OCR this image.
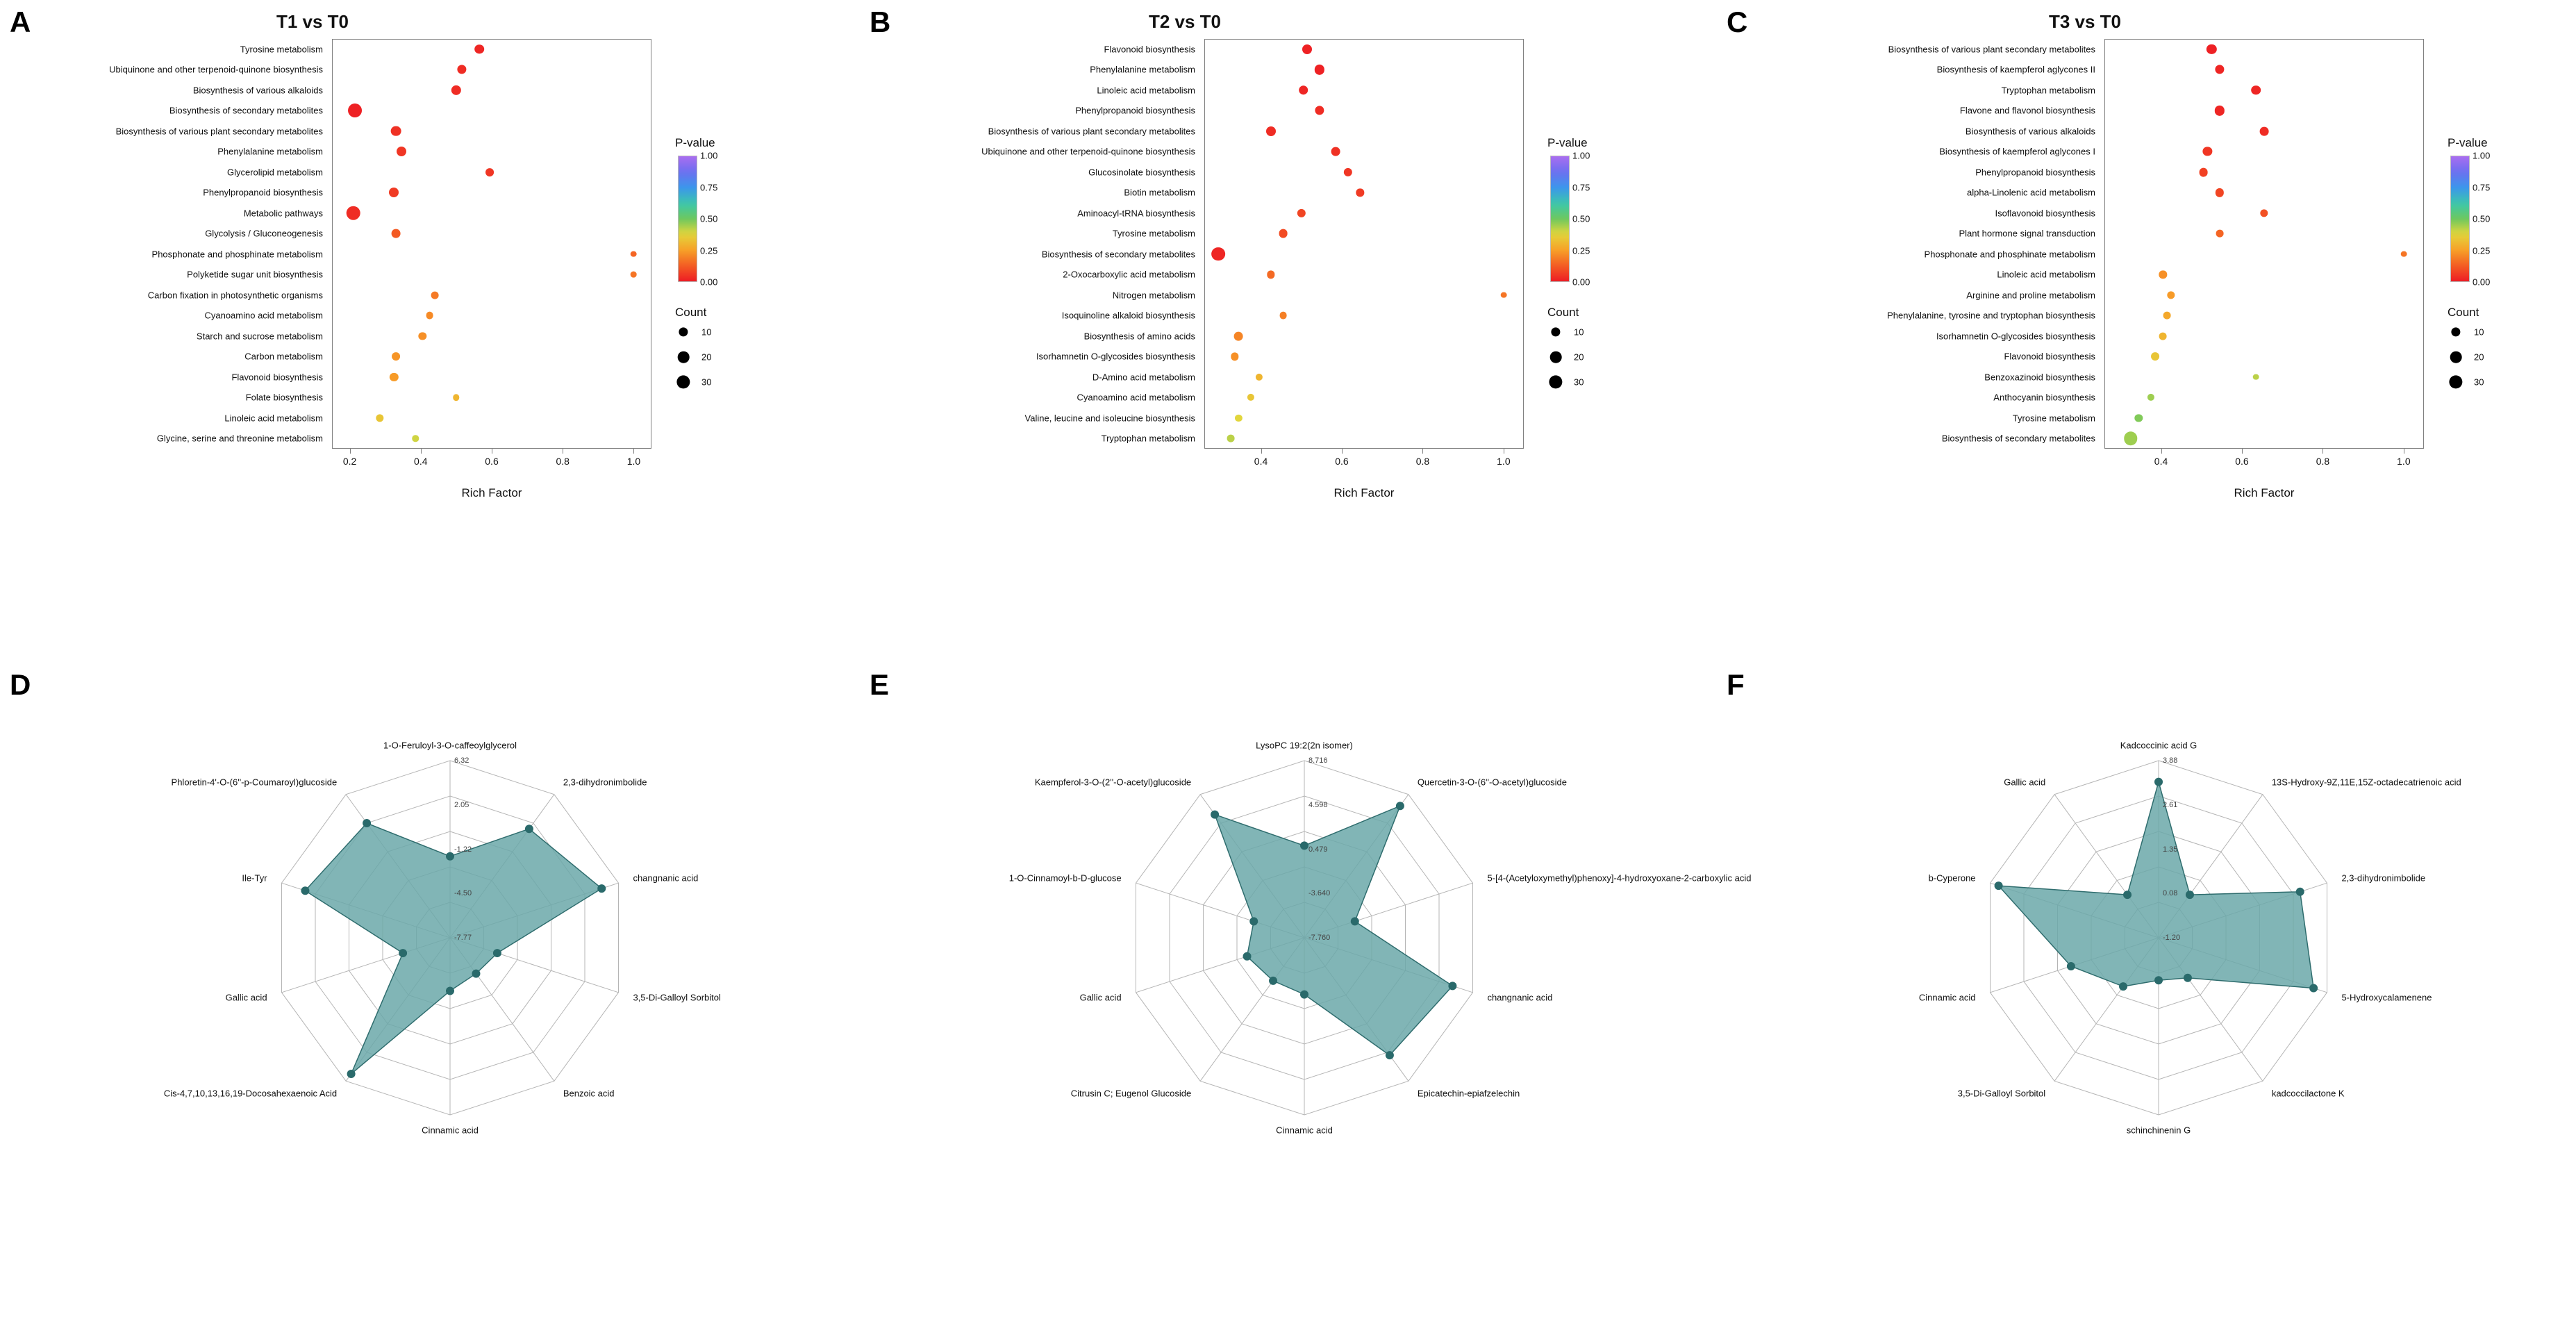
A	B	C
D	E	F
T1 vs T0
Rich Factor
P-value
Count
10
20
30
Tyrosine metabolism
Ubiquinone and other terpenoid-quinone biosynthesis
Biosynthesis of various alkaloids
Biosynthesis of secondary metabolites
Biosynthesis of various plant secondary metabolites
Phenylalanine metabolism
Glycerolipid metabolism
Phenylpropanoid biosynthesis
Metabolic pathways
Glycolysis / Gluconeogenesis
Phosphonate and phosphinate metabolism
Polyketide sugar unit biosynthesis
Carbon fixation in photosynthetic organisms
Cyanoamino acid metabolism
Starch and sucrose metabolism
Carbon metabolism
Flavonoid biosynthesis
Folate biosynthesis
Linoleic acid metabolism
Glycine, serine and threonine metabolism
0.2	0.4	0.6	0.8	1.0
1.00
0.75
0.50
0.25
0.00
T2 vs T0
Rich Factor
P-value
Count
10
20
30
Flavonoid biosynthesis
Phenylalanine metabolism
Linoleic acid metabolism
Phenylpropanoid biosynthesis
Biosynthesis of various plant secondary metabolites
Ubiquinone and other terpenoid-quinone biosynthesis
Glucosinolate biosynthesis
Biotin metabolism
Aminoacyl-tRNA biosynthesis
Tyrosine metabolism
Biosynthesis of secondary metabolites
2-Oxocarboxylic acid metabolism
Nitrogen metabolism
Isoquinoline alkaloid biosynthesis
Biosynthesis of amino acids
Isorhamnetin O-glycosides biosynthesis
D-Amino acid metabolism
Cyanoamino acid metabolism
Valine, leucine and isoleucine biosynthesis
Tryptophan metabolism
0.4	0.6	0.8	1.0
1.00
0.75
0.50
0.25
0.00
T3 vs T0
Rich Factor
P-value
Count
10
20
30
Biosynthesis of various plant secondary metabolites
Biosynthesis of kaempferol aglycones II
Tryptophan metabolism
Flavone and flavonol biosynthesis
Biosynthesis of various alkaloids
Biosynthesis of kaempferol aglycones I
Phenylpropanoid biosynthesis
alpha-Linolenic acid metabolism
Isoflavonoid biosynthesis
Plant hormone signal transduction
Phosphonate and phosphinate metabolism
Linoleic acid metabolism
Arginine and proline metabolism
Phenylalanine, tyrosine and tryptophan biosynthesis
Isorhamnetin O-glycosides biosynthesis
Flavonoid biosynthesis
Benzoxazinoid biosynthesis
Anthocyanin biosynthesis
Tyrosine metabolism
Biosynthesis of secondary metabolites
0.4	0.6	0.8	1.0
1.00
0.75
0.50
0.25
0.00
1-O-Feruloyl-3-O-caffeoylglycerol
2,3-dihydronimbolide
changnanic acid
3,5-Di-Galloyl Sorbitol
Benzoic acid
Cinnamic acid
Cis-4,7,10,13,16,19-Docosahexaenoic Acid
Gallic acid
Ile-Tyr
Phloretin-4'-O-(6''-p-Coumaroyl)glucoside
6.32
2.05
-1.22
-4.50
-7.77
LysoPC 19:2(2n isomer)
Quercetin-3-O-(6''-O-acetyl)glucoside
5-[4-(Acetyloxymethyl)phenoxy]-4-hydroxyoxane-2-carboxylic acid
changnanic acid
Epicatechin-epiafzelechin
Cinnamic acid
Citrusin C; Eugenol Glucoside
Gallic acid
1-O-Cinnamoyl-b-D-glucose
Kaempferol-3-O-(2''-O-acetyl)glucoside
8.716
4.598
0.479
-3.640
-7.760
Kadcoccinic acid G
13S-Hydroxy-9Z,11E,15Z-octadecatrienoic acid
2,3-dihydronimbolide
5-Hydroxycalamenene
kadcoccilactone K
schinchinenin G
3,5-Di-Galloyl Sorbitol
Cinnamic acid
b-Cyperone
Gallic acid
3.88
2.61
1.35
0.08
-1.20
